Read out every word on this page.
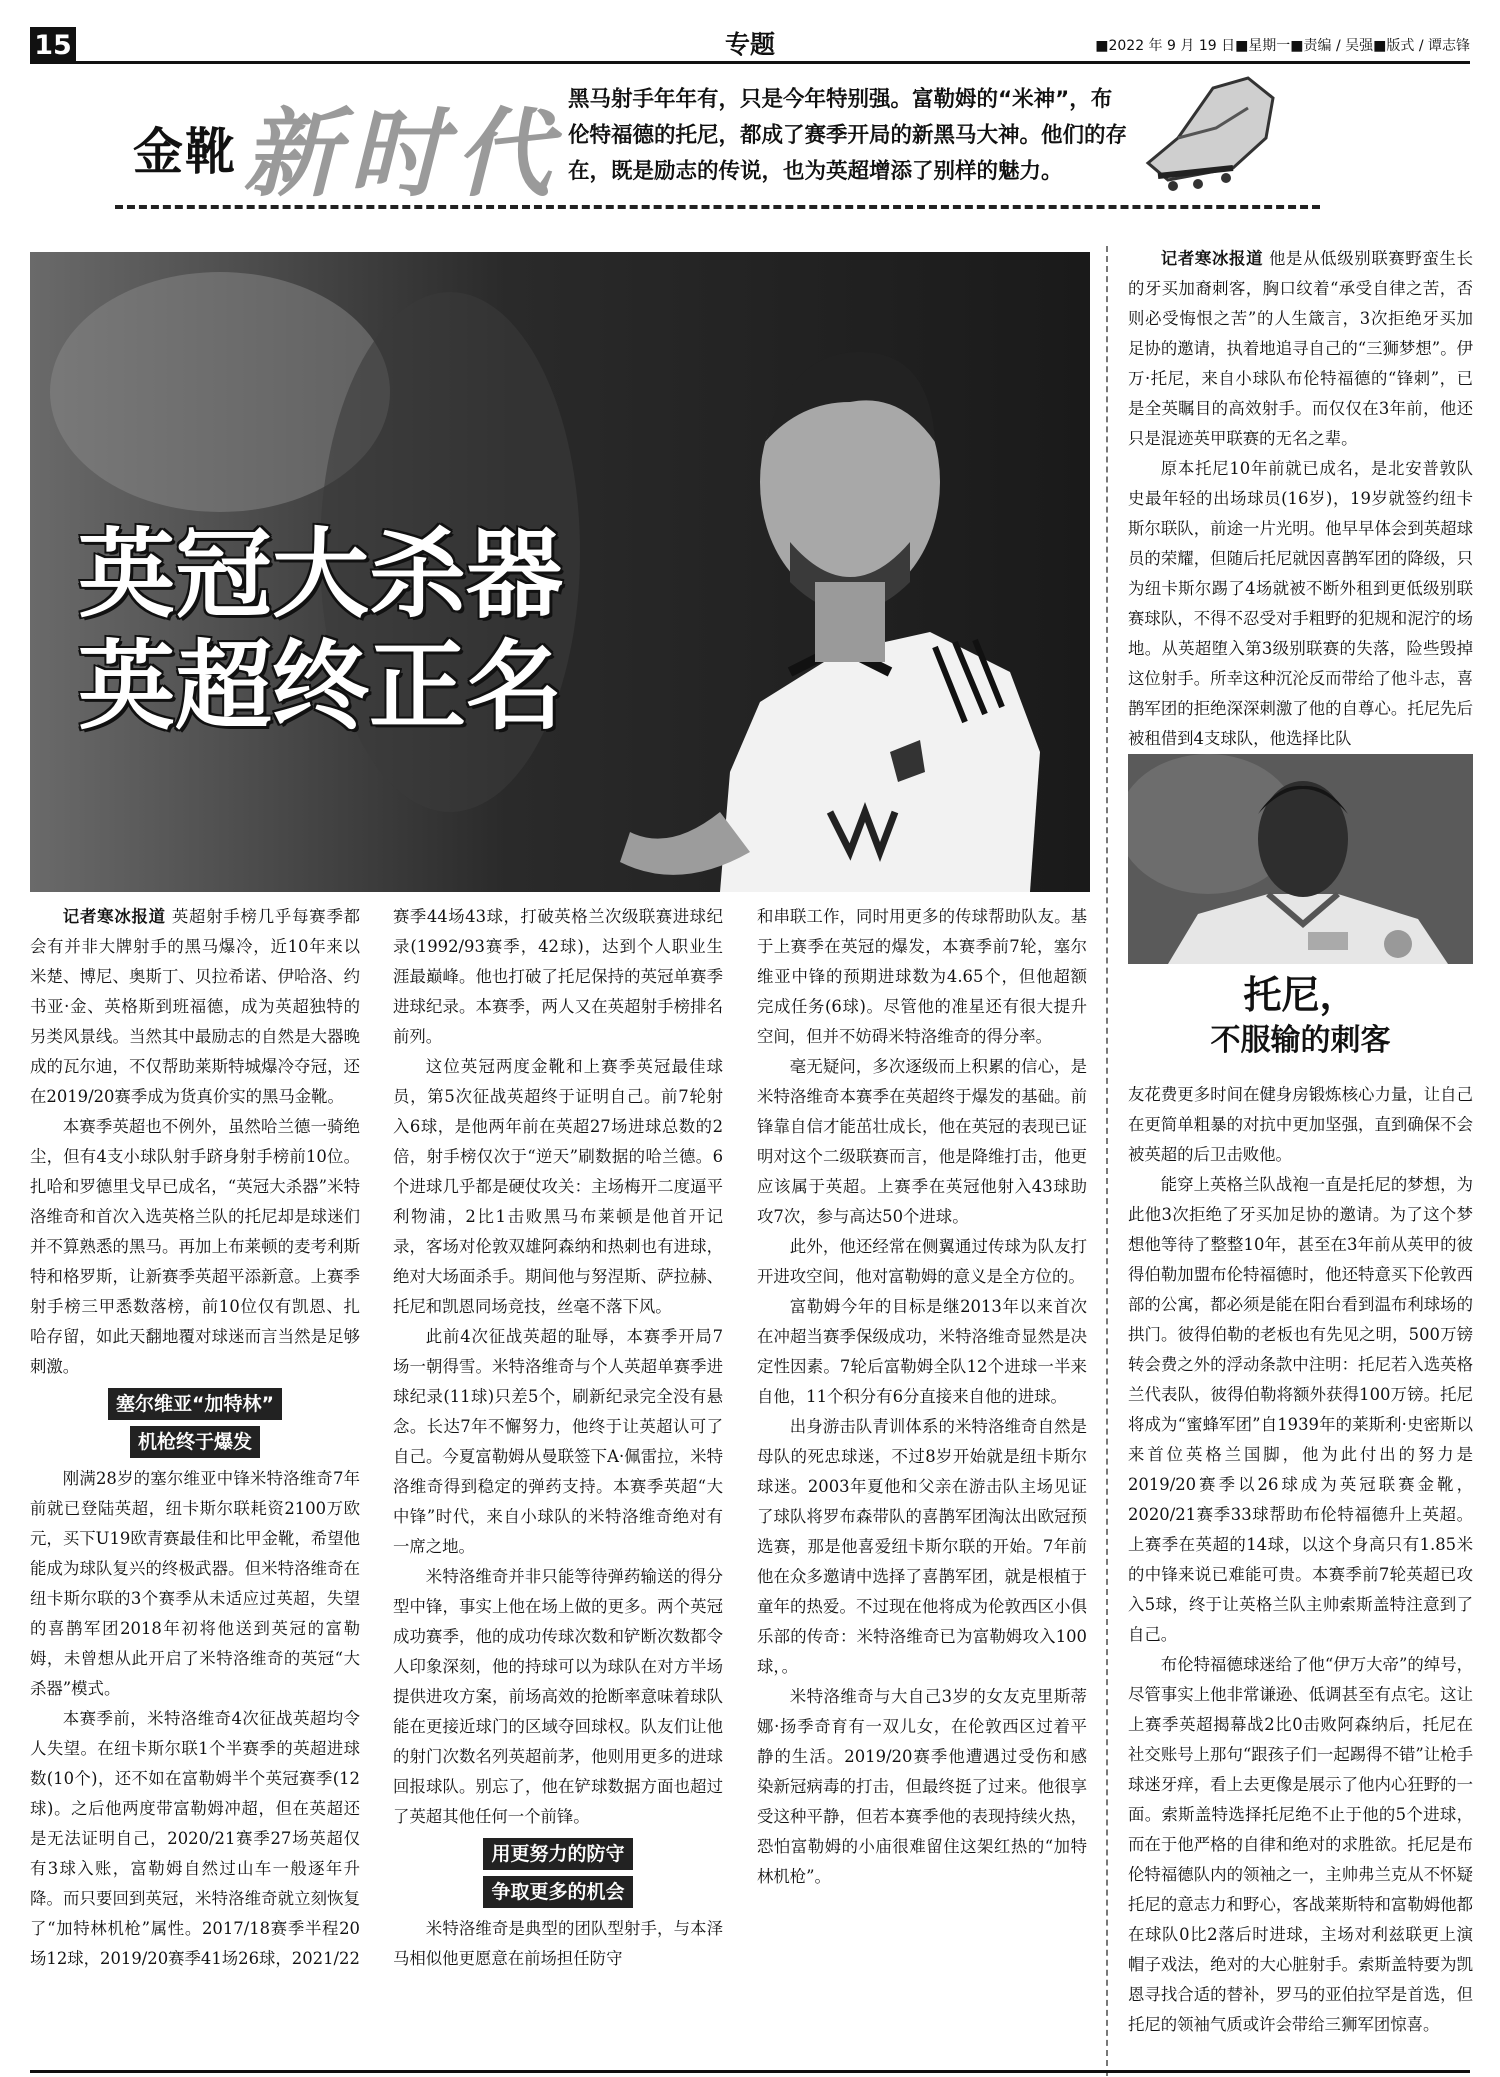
15	专题	■2022 年 9 月 19 日■星期一■责编 / 吴强■版式 / 谭志锋
金靴 新时代 黑马射手年年有，只是今年特别强。富勒姆的“米神”，布伦特福德的托尼，都成了赛季开局的新黑马大神。他们的存在，既是励志的传说，也为英超增添了别样的魅力。
英冠大杀器
英超终正名

记者寒冰报道 英超射手榜几乎每赛季都会有并非大牌射手的黑马爆冷，近10年来以米楚、博尼、奥斯丁、贝拉希诺、伊哈洛、约书亚·金、英格斯到班福德，成为英超独特的另类风景线。当然其中最励志的自然是大器晚成的瓦尔迪，不仅帮助莱斯特城爆冷夺冠，还在2019/20赛季成为货真价实的黑马金靴。

本赛季英超也不例外，虽然哈兰德一骑绝尘，但有4支小球队射手跻身射手榜前10位。扎哈和罗德里戈早已成名，“英冠大杀器”米特洛维奇和首次入选英格兰队的托尼却是球迷们并不算熟悉的黑马。再加上布莱顿的麦考利斯特和格罗斯，让新赛季英超平添新意。上赛季射手榜三甲悉数落榜，前10位仅有凯恩、扎哈存留，如此天翻地覆对球迷而言当然是足够刺激。

塞尔维亚“加特林”
机枪终于爆发

刚满28岁的塞尔维亚中锋米特洛维奇7年前就已登陆英超，纽卡斯尔联耗资2100万欧元，买下U19欧青赛最佳和比甲金靴，希望他能成为球队复兴的终极武器。但米特洛维奇在纽卡斯尔联的3个赛季从未适应过英超，失望的喜鹊军团2018年初将他送到英冠的富勒姆，未曾想从此开启了米特洛维奇的英冠“大杀器”模式。

本赛季前，米特洛维奇4次征战英超均令人失望。在纽卡斯尔联1个半赛季的英超进球数(10个)，还不如在富勒姆半个英冠赛季(12球)。之后他两度带富勒姆冲超，但在英超还是无法证明自己，2020/21赛季27场英超仅有3球入账，富勒姆自然过山车一般逐年升降。而只要回到英冠，米特洛维奇就立刻恢复了“加特林机枪”属性。2017/18赛季半程20场12球，2019/20赛季41场26球，2021/22

赛季44场43球，打破英格兰次级联赛进球纪录(1992/93赛季，42球)，达到个人职业生涯最巅峰。他也打破了托尼保持的英冠单赛季进球纪录。本赛季，两人又在英超射手榜排名前列。

这位英冠两度金靴和上赛季英冠最佳球员，第5次征战英超终于证明自己。前7轮射入6球，是他两年前在英超27场进球总数的2倍，射手榜仅次于“逆天”刷数据的哈兰德。6个进球几乎都是硬仗攻关：主场梅开二度逼平利物浦，2比1击败黑马布莱顿是他首开记录，客场对伦敦双雄阿森纳和热刺也有进球，绝对大场面杀手。期间他与努涅斯、萨拉赫、托尼和凯恩同场竞技，丝毫不落下风。

此前4次征战英超的耻辱，本赛季开局7场一朝得雪。米特洛维奇与个人英超单赛季进球纪录(11球)只差5个，刷新纪录完全没有悬念。长达7年不懈努力，他终于让英超认可了自己。今夏富勒姆从曼联签下A·佩雷拉，米特洛维奇得到稳定的弹药支持。本赛季英超“大中锋”时代，来自小球队的米特洛维奇绝对有一席之地。

米特洛维奇并非只能等待弹药输送的得分型中锋，事实上他在场上做的更多。两个英冠成功赛季，他的成功传球次数和铲断次数都令人印象深刻，他的持球可以为球队在对方半场提供进攻方案，前场高效的抢断率意味着球队能在更接近球门的区域夺回球权。队友们让他的射门次数名列英超前茅，他则用更多的进球回报球队。别忘了，他在铲球数据方面也超过了英超其他任何一个前锋。

用更努力的防守
争取更多的机会

米特洛维奇是典型的团队型射手，与本泽马相似他更愿意在前场担任防守

和串联工作，同时用更多的传球帮助队友。基于上赛季在英冠的爆发，本赛季前7轮，塞尔维亚中锋的预期进球数为4.65个，但他超额完成任务(6球)。尽管他的准星还有很大提升空间，但并不妨碍米特洛维奇的得分率。

毫无疑问，多次逐级而上积累的信心，是米特洛维奇本赛季在英超终于爆发的基础。前锋靠自信才能茁壮成长，他在英冠的表现已证明对这个二级联赛而言，他是降维打击，他更应该属于英超。上赛季在英冠他射入43球助攻7次，参与高达50个进球。

此外，他还经常在侧翼通过传球为队友打开进攻空间，他对富勒姆的意义是全方位的。

富勒姆今年的目标是继2013年以来首次在冲超当赛季保级成功，米特洛维奇显然是决定性因素。7轮后富勒姆全队12个进球一半来自他，11个积分有6分直接来自他的进球。

出身游击队青训体系的米特洛维奇自然是母队的死忠球迷，不过8岁开始就是纽卡斯尔球迷。2003年夏他和父亲在游击队主场见证了球队将罗布森带队的喜鹊军团淘汰出欧冠预选赛，那是他喜爱纽卡斯尔联的开始。7年前他在众多邀请中选择了喜鹊军团，就是根植于童年的热爱。不过现在他将成为伦敦西区小俱乐部的传奇：米特洛维奇已为富勒姆攻入100球，。

米特洛维奇与大自己3岁的女友克里斯蒂娜·扬季奇育有一双儿女，在伦敦西区过着平静的生活。2019/20赛季他遭遇过受伤和感染新冠病毒的打击，但最终挺了过来。他很享受这种平静，但若本赛季他的表现持续火热，恐怕富勒姆的小庙很难留住这架红热的“加特林机枪”。

记者寒冰报道 他是从低级别联赛野蛮生长的牙买加裔刺客，胸口纹着“承受自律之苦，否则必受悔恨之苦”的人生箴言，3次拒绝牙买加足协的邀请，执着地追寻自己的“三狮梦想”。伊万·托尼，来自小球队布伦特福德的“锋刺”，已是全英瞩目的高效射手。而仅仅在3年前，他还只是混迹英甲联赛的无名之辈。

原本托尼10年前就已成名，是北安普敦队史最年轻的出场球员(16岁)，19岁就签约纽卡斯尔联队，前途一片光明。他早早体会到英超球员的荣耀，但随后托尼就因喜鹊军团的降级，只为纽卡斯尔踢了4场就被不断外租到更低级别联赛球队，不得不忍受对手粗野的犯规和泥泞的场地。从英超堕入第3级别联赛的失落，险些毁掉这位射手。所幸这种沉沦反而带给了他斗志，喜鹊军团的拒绝深深刺激了他的自尊心。托尼先后被租借到4支球队，他选择比队

托尼，
不服输的刺客

友花费更多时间在健身房锻炼核心力量，让自己在更简单粗暴的对抗中更加坚强，直到确保不会被英超的后卫击败他。

能穿上英格兰队战袍一直是托尼的梦想，为此他3次拒绝了牙买加足协的邀请。为了这个梦想他等待了整整10年，甚至在3年前从英甲的彼得伯勒加盟布伦特福德时，他还特意买下伦敦西部的公寓，都必须是能在阳台看到温布利球场的拱门。彼得伯勒的老板也有先见之明，500万镑转会费之外的浮动条款中注明：托尼若入选英格兰代表队，彼得伯勒将额外获得100万镑。托尼将成为“蜜蜂军团”自1939年的莱斯利·史密斯以来首位英格兰国脚，他为此付出的努力是2019/20赛季以26球成为英冠联赛金靴，2020/21赛季33球帮助布伦特福德升上英超。上赛季在英超的14球，以这个身高只有1.85米的中锋来说已难能可贵。本赛季前7轮英超已攻入5球，终于让英格兰队主帅索斯盖特注意到了自己。

布伦特福德球迷给了他“伊万大帝”的绰号，尽管事实上他非常谦逊、低调甚至有点宅。这让上赛季英超揭幕战2比0击败阿森纳后，托尼在社交账号上那句“跟孩子们一起踢得不错”让枪手球迷牙痒，看上去更像是展示了他内心狂野的一面。索斯盖特选择托尼绝不止于他的5个进球，而在于他严格的自律和绝对的求胜欲。托尼是布伦特福德队内的领袖之一，主帅弗兰克从不怀疑托尼的意志力和野心，客战莱斯特和富勒姆他都在球队0比2落后时进球，主场对利兹联更上演帽子戏法，绝对的大心脏射手。索斯盖特要为凯恩寻找合适的替补，罗马的亚伯拉罕是首选，但托尼的领袖气质或许会带给三狮军团惊喜。
